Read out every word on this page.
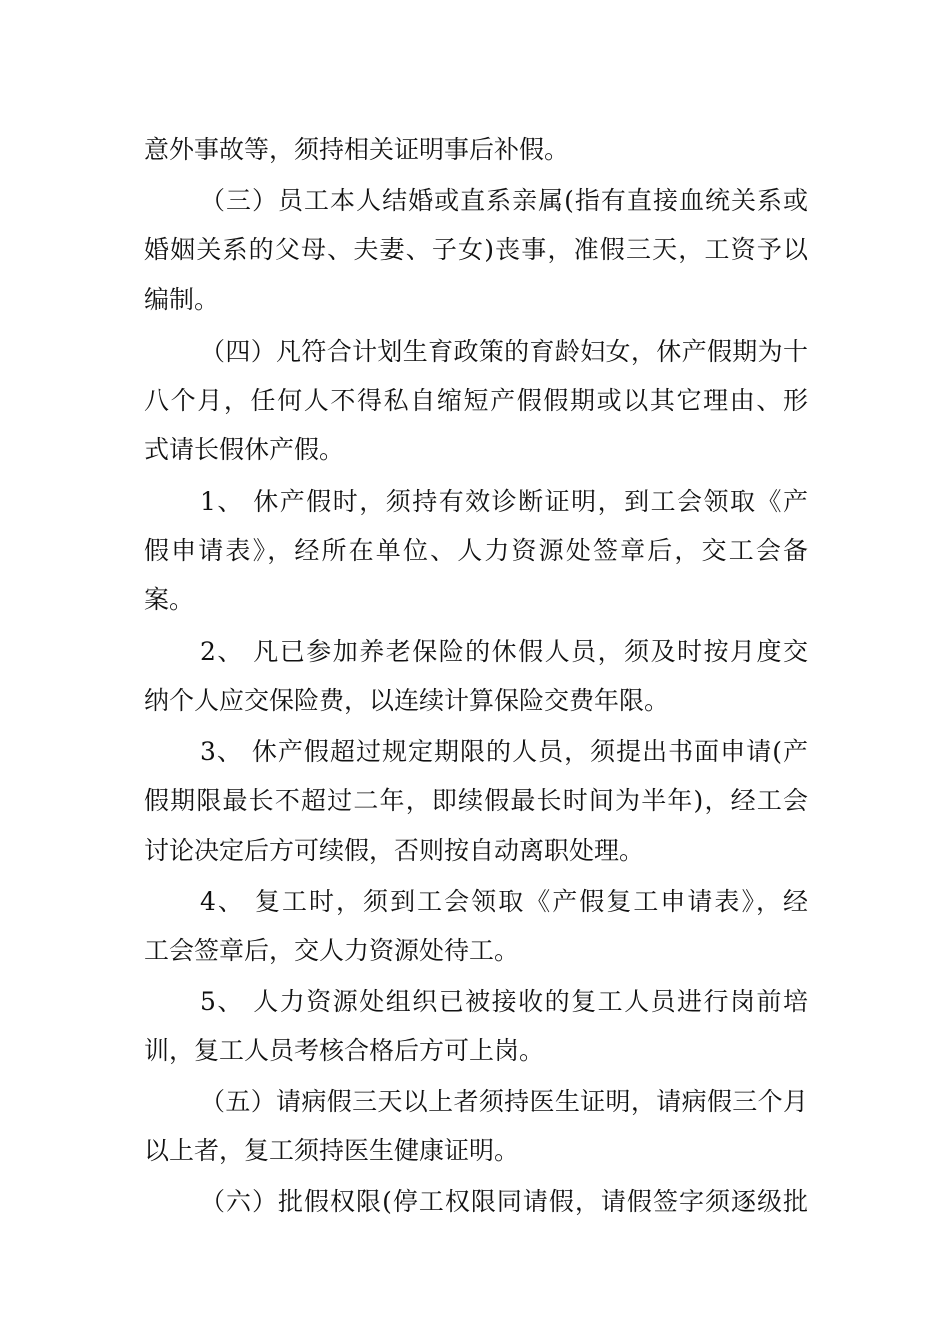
意外事故等，须持相关证明事后补假。
（三）员工本人结婚或直系亲属(指有直接血统关系或
婚姻关系的父母、夫妻、子女)丧事，准假三天，工资予以
编制。
（四）凡符合计划生育政策的育龄妇女，休产假期为十
八个月，任何人不得私自缩短产假假期或以其它理由、形
式请长假休产假。
1、 休产假时，须持有效诊断证明，到工会领取《产
假申请表》，经所在单位、人力资源处签章后，交工会备
案。
2、 凡已参加养老保险的休假人员，须及时按月度交
纳个人应交保险费，以连续计算保险交费年限。
3、 休产假超过规定期限的人员，须提出书面申请(产
假期限最长不超过二年，即续假最长时间为半年)，经工会
讨论决定后方可续假，否则按自动离职处理。
4、 复工时，须到工会领取《产假复工申请表》，经
工会签章后，交人力资源处待工。
5、 人力资源处组织已被接收的复工人员进行岗前培
训，复工人员考核合格后方可上岗。
（五）请病假三天以上者须持医生证明，请病假三个月
以上者，复工须持医生健康证明。
（六）批假权限(停工权限同请假，请假签字须逐级批
